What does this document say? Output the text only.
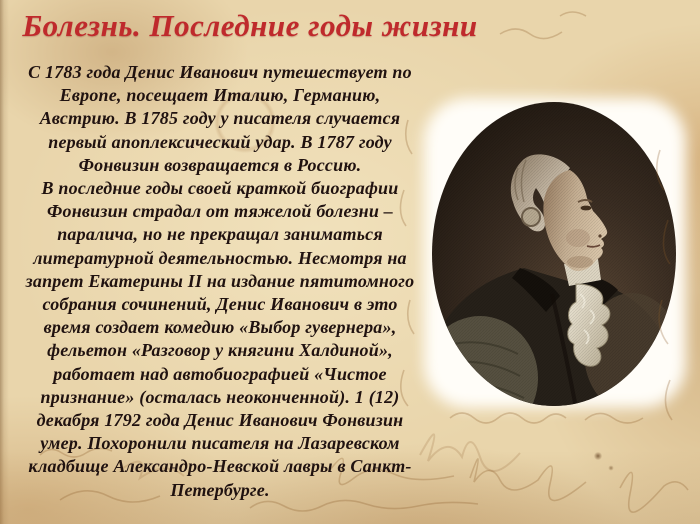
Болезнь. Последние годы жизни
С 1783 года Денис Иванович путешествует по
Европе, посещает Италию, Германию,
Австрию. В 1785 году у писателя случается
первый апоплексический удар. В 1787 году
Фонвизин возвращается в Россию.
В последние годы своей краткой биографии
Фонвизин страдал от тяжелой болезни –
паралича, но не прекращал заниматься
литературной деятельностью. Несмотря на
запрет Екатерины II на издание пятитомного
собрания сочинений, Денис Иванович в это
время создает комедию «Выбор гувернера»,
фельетон «Разговор у княгини Халдиной»,
работает над автобиографией «Чистое
признание» (осталась неоконченной). 1 (12)
декабря 1792 года Денис Иванович Фонвизин
умер. Похоронили писателя на Лазаревском
кладбище Александро-Невской лавры в Санкт-
Петербурге.
